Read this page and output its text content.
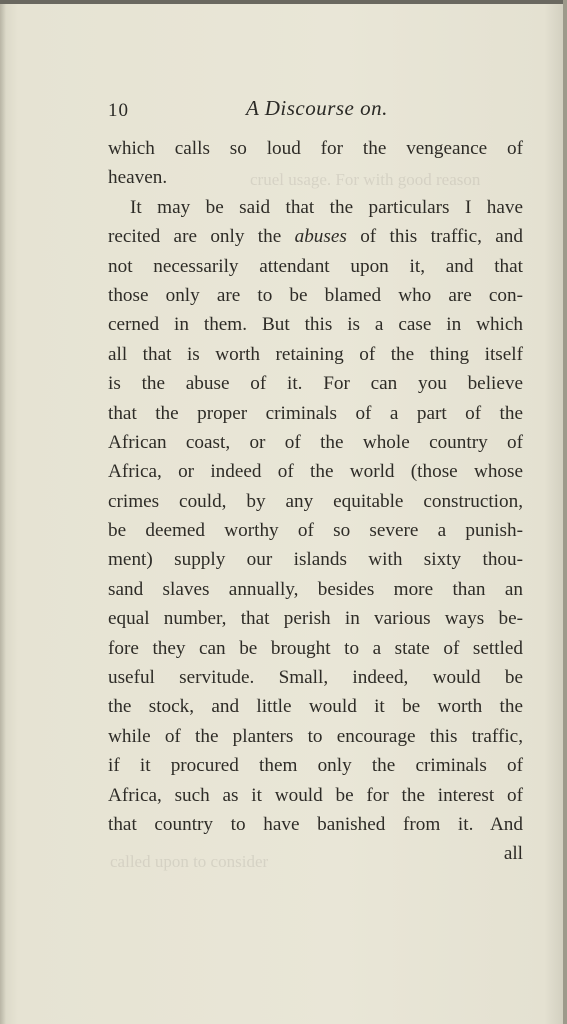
cruel usage. For with good reason
called upon to consider
10	A Discourse on.
which calls so loud for the vengeance of
heaven.
It may be said that the particulars I have
recited are only the abuses of this traffic, and
not necessarily attendant upon it, and that
those only are to be blamed who are con-
cerned in them. But this is a case in which
all that is worth retaining of the thing itself
is the abuse of it. For can you believe
that the proper criminals of a part of the
African coast, or of the whole country of
Africa, or indeed of the world (those whose
crimes could, by any equitable construction,
be deemed worthy of so severe a punish-
ment) supply our islands with sixty thou-
sand slaves annually, besides more than an
equal number, that perish in various ways be-
fore they can be brought to a state of settled
useful servitude. Small, indeed, would be
the stock, and little would it be worth the
while of the planters to encourage this traffic,
if it procured them only the criminals of
Africa, such as it would be for the interest of
that country to have banished from it. And
all
